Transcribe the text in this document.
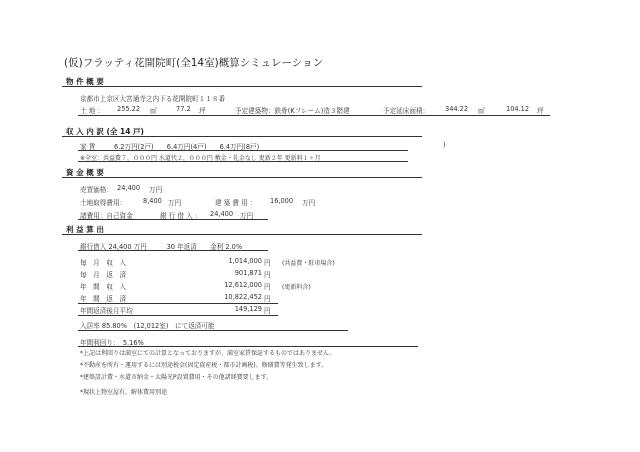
(仮)フラッティ花開院町(全14室)概算シミュレーション
物 件 概 要
京都市上京区大宮通寺之内下る花開院町１１８番
土 地 ： 255.22 ㎡	77.2 坪	予定建築物：鉄骨(Kフレーム)造３階建	予定延床面積： 344.22 ㎡	104.12 坪
収 入 内 訳 (全 14 戸)
家 賃	6.2万円(2戸)　　6.4万円(4戸)　　6.4万円(8戸)	)
※全室：共益費７，０００円 水道代２，０００円 敷金・礼金なし 更新２年 更新料１ヶ月
資 金 概 要
売買価格： 24,400 万円
土地取得費用：	8,400 万円	建 築 費 用 ： 16,000 万円
諸費用：自己資金	銀 行 借 入 ： 24,400 万円
利 益 算 出
銀行借入 24,400 万円　　　30 年返済　　金利 2.0%
毎　月　収　入	1,014,000 円 (共益費・駐車場含)
毎　月　返　済	901,871 円
年　間　収　入	12,612,000 円 (更新料含)
年　間　返　済	10,822,452 円
年間返済後月平均	149,129 円
入居率 85.80%　(12,012室)　にて返済可能
年間利回り：　5.16%
*上記は利回りは満室にての計算となっておりますが、満室家賃保証するものではありません。
*不動産を所有・運用するには別途税金(固定資産税・都市計画税)、修繕費等発生致します。
*建築設計費・水道市納金・太陽光P設置費用・その他諸経費要します。
*現状上物室屋有、解体費用別途
